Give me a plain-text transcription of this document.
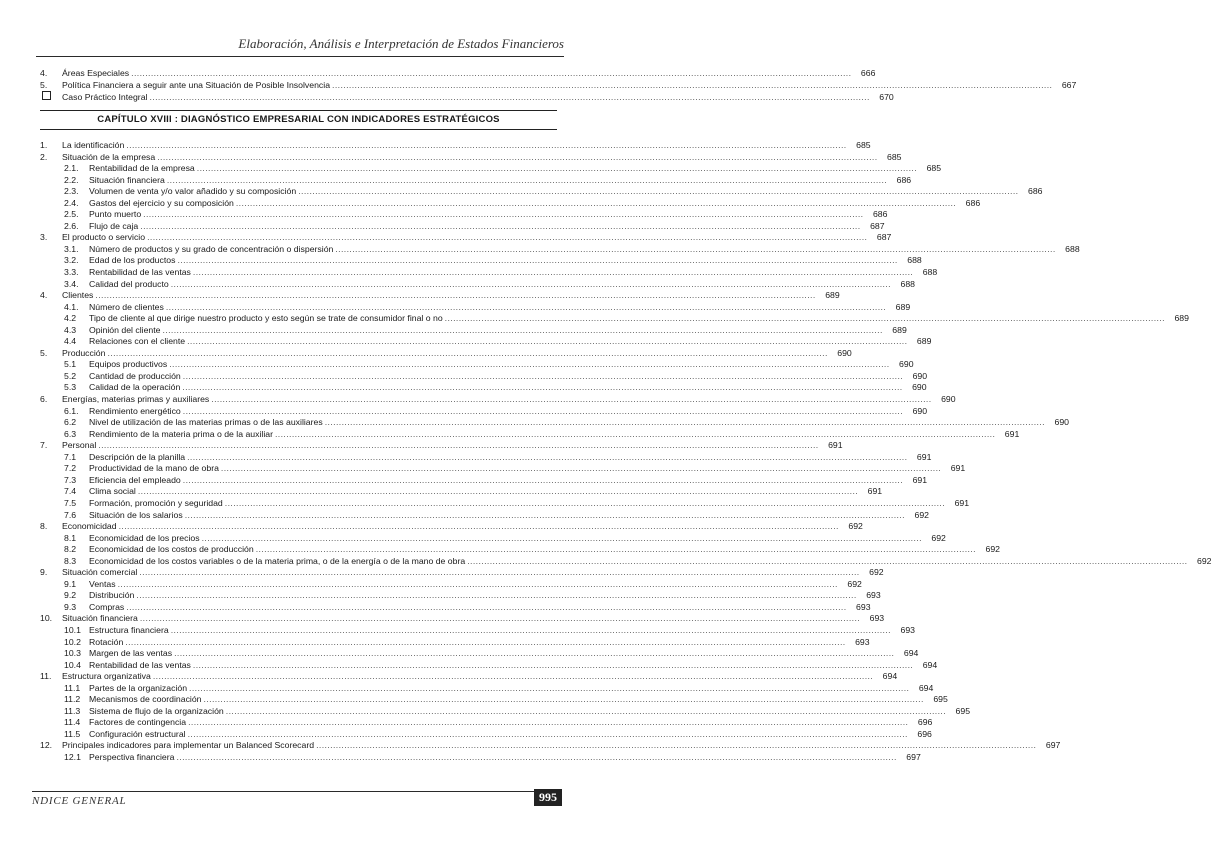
Elaboración, Análisis e Interpretación de Estados Financieros
4.	Áreas Especiales .....	666
5.	Política Financiera a seguir ante una Situación de Posible Insolvencia .....	667
Caso Práctico Integral .....	670
CAPÍTULO XVIII : DIAGNÓSTICO EMPRESARIAL CON INDICADORES ESTRATÉGICOS
1.	La identificación .....	685
2.	Situación de la empresa .....	685
2.1.	Rentabilidad de la empresa .....	685
2.2.	Situación financiera .....	686
2.3.	Volumen de venta y/o valor añadido y su composición .....	686
2.4.	Gastos del ejercicio y su composición .....	686
2.5.	Punto muerto .....	686
2.6.	Flujo de caja .....	687
3.	El producto o servicio .....	687
3.1.	Número de productos y su grado de concentración o dispersión .....	688
3.2.	Edad de los productos .....	688
3.3.	Rentabilidad de las ventas .....	688
3.4.	Calidad del producto .....	688
4.	Clientes .....	689
4.1.	Número de clientes .....	689
4.2	Tipo de cliente al que dirige nuestro producto y esto según se trate de consumidor final o no .....	689
4.3	Opinión del cliente .....	689
4.4	Relaciones con el cliente .....	689
5.	Producción .....	690
5.1	Equipos productivos .....	690
5.2	Cantidad de producción .....	690
5.3	Calidad de la operación .....	690
6.	Energías, materias primas y auxiliares .....	690
6.1.	Rendimiento energético .....	690
6.2	Nivel de utilización de las materias primas o de las auxiliares .....	690
6.3	Rendimiento de la materia prima o de la auxiliar .....	691
7.	Personal .....	691
7.1	Descripción de la planilla .....	691
7.2	Productividad de la mano de obra .....	691
7.3	Eficiencia del empleado .....	691
7.4	Clima social .....	691
7.5	Formación, promoción y seguridad .....	691
7.6	Situación de los salarios .....	692
8.	Economicidad .....	692
8.1	Economicidad de los precios .....	692
8.2	Economicidad de los costos de producción .....	692
8.3	Economicidad de los costos variables o de la materia prima, o de la energía o de la mano de obra .....	692
9.	Situación comercial .....	692
9.1	Ventas .....	692
9.2	Distribución .....	693
9.3	Compras .....	693
10.	Situación financiera .....	693
10.1 Estructura financiera .....	693
10.2 Rotación .....	693
10.3 Margen de las ventas .....	694
10.4 Rentabilidad de las ventas .....	694
11.	Estructura organizativa .....	694
11.1	Partes de la organización .....	694
11.2	Mecanismos de coordinación .....	695
11.3	Sistema de flujo de la organización .....	695
11.4	Factores de contingencia .....	696
11.5	Configuración estructural .....	696
12.	Principales indicadores para implementar un Balanced Scorecard .....	697
12.1 Perspectiva financiera .....	697
NDICE GENERAL	995
